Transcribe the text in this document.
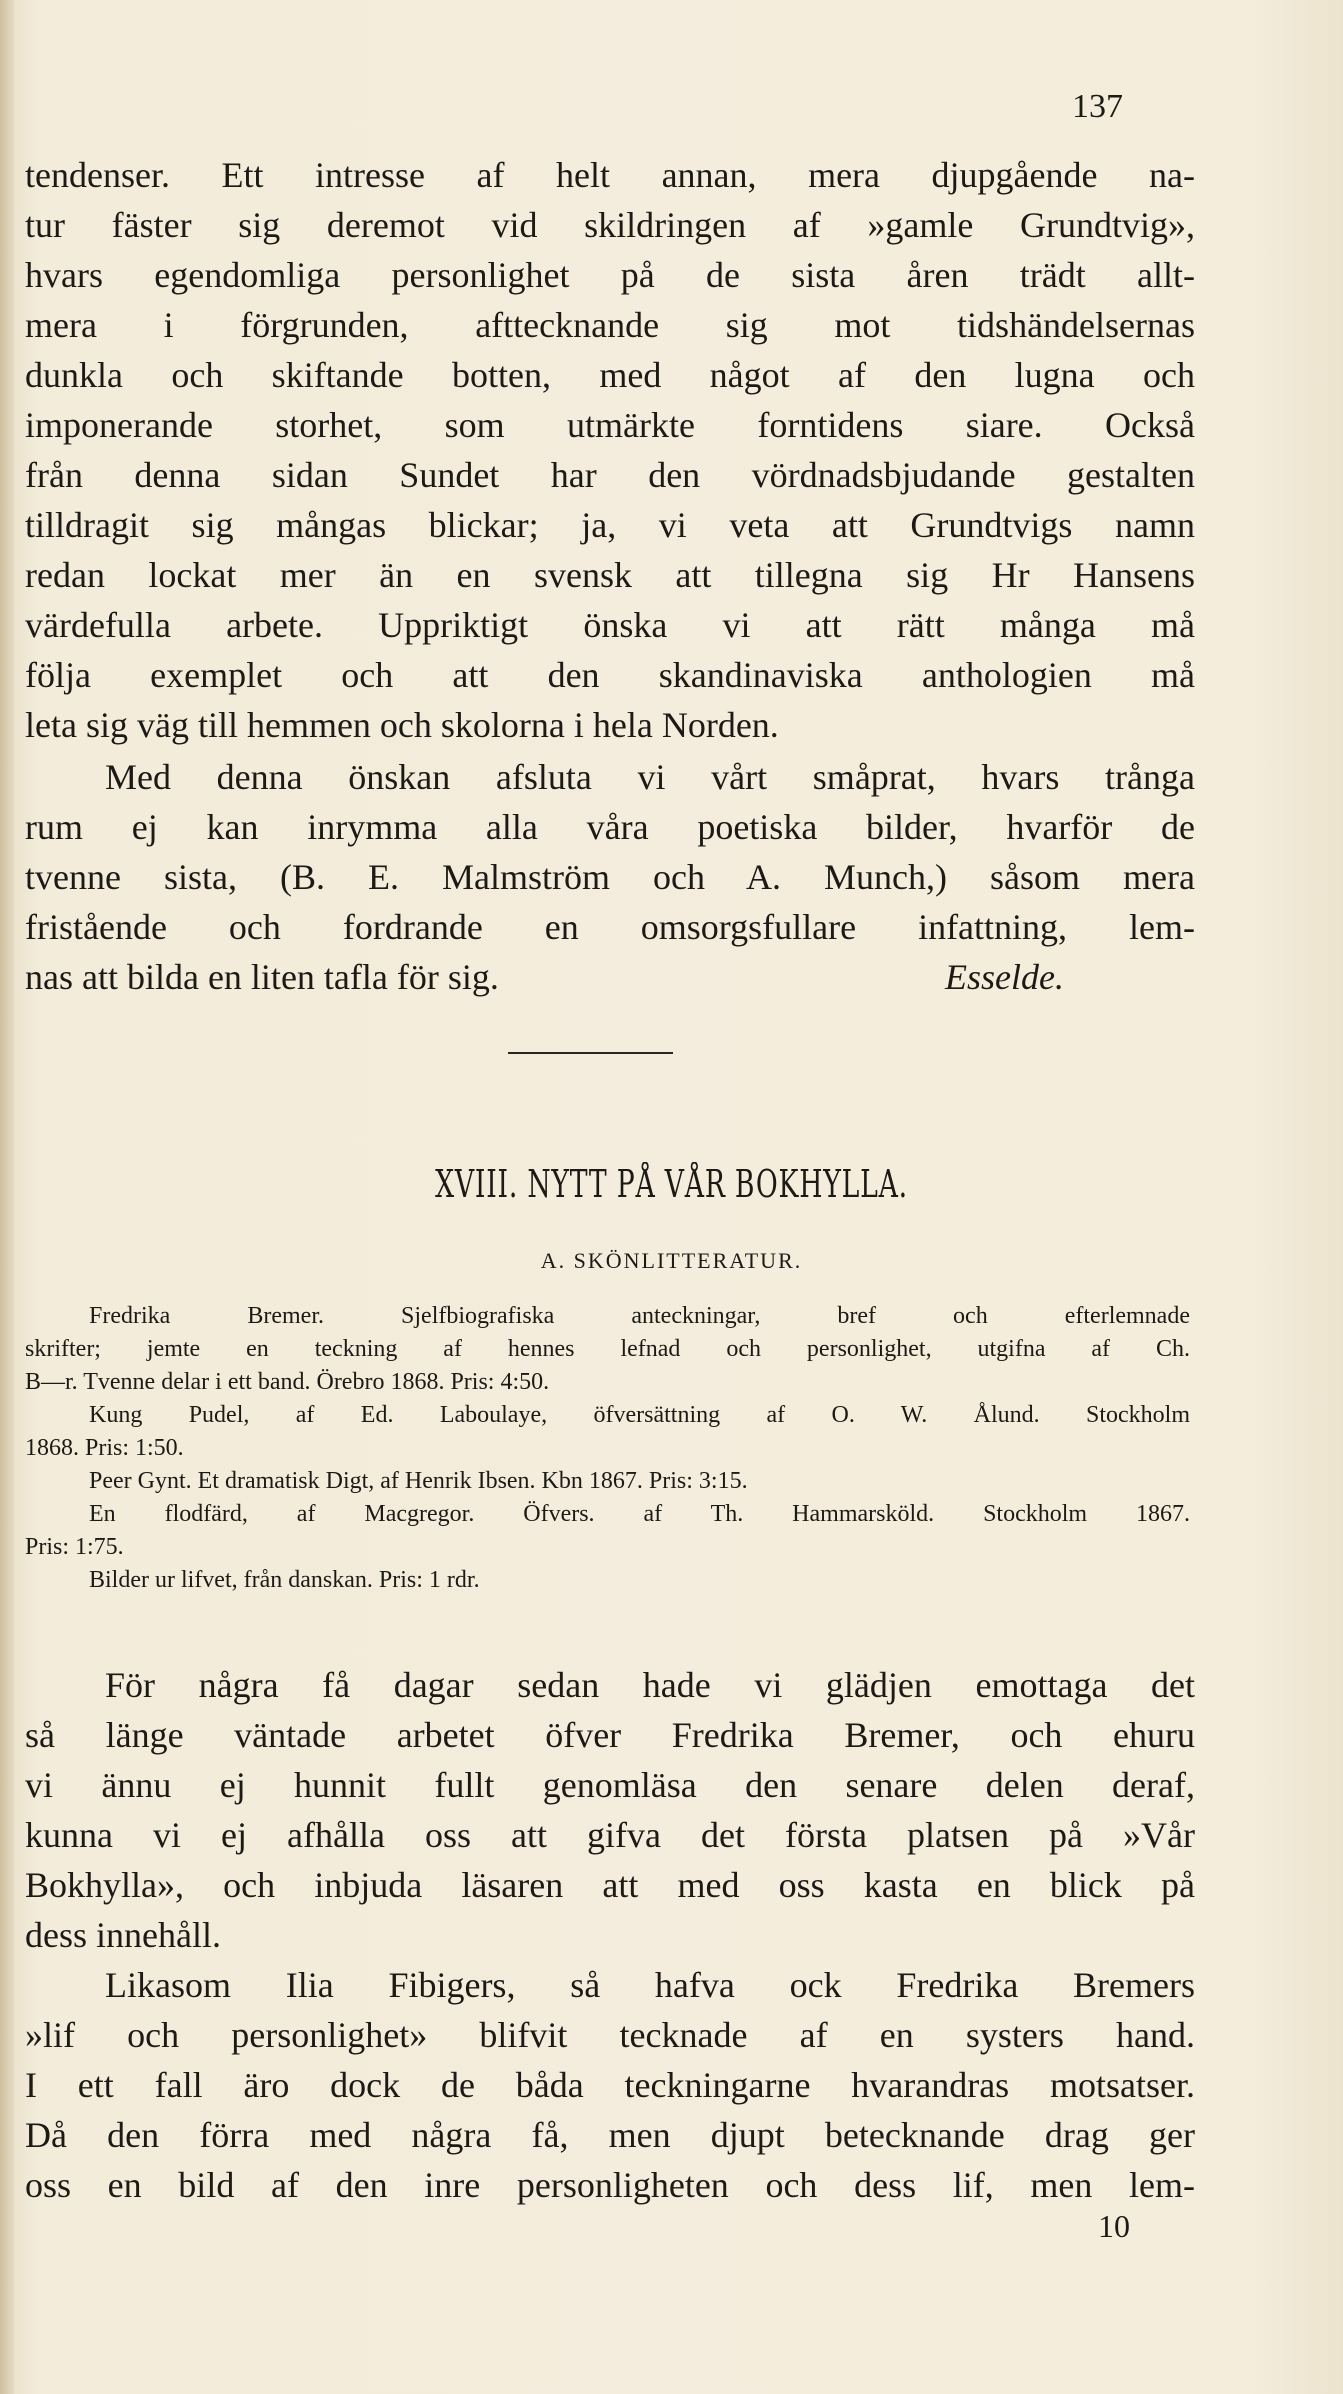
137
tendenser. Ett intresse af helt annan, mera djupgående na-
tur fäster sig deremot vid skildringen af »gamle Grundtvig»,
hvars egendomliga personlighet på de sista åren trädt allt-
mera i förgrunden, afttecknande sig mot tidshändelsernas
dunkla och skiftande botten, med något af den lugna och
imponerande storhet, som utmärkte forntidens siare. Också
från denna sidan Sundet har den vördnadsbjudande gestalten
tilldragit sig mångas blickar; ja, vi veta att Grundtvigs namn
redan lockat mer än en svensk att tillegna sig Hr Hansens
värdefulla arbete. Uppriktigt önska vi att rätt många må
följa exemplet och att den skandinaviska anthologien må
leta sig väg till hemmen och skolorna i hela Norden.
Med denna önskan afsluta vi vårt småprat, hvars trånga
rum ej kan inrymma alla våra poetiska bilder, hvarför de
tvenne sista, (B. E. Malmström och A. Munch,) såsom mera
fristående och fordrande en omsorgsfullare infattning, lem-
nas att bilda en liten tafla för sig.	Esselde.
XVIII. NYTT PÅ VÅR BOKHYLLA.
A. SKÖNLITTERATUR.
Fredrika Bremer. Sjelfbiografiska anteckningar, bref och efterlemnade
skrifter; jemte en teckning af hennes lefnad och personlighet, utgifna af Ch.
B—r. Tvenne delar i ett band. Örebro 1868. Pris: 4:50.
Kung Pudel, af Ed. Laboulaye, öfversättning af O. W. Ålund. Stockholm
1868. Pris: 1:50.
Peer Gynt. Et dramatisk Digt, af Henrik Ibsen. Kbn 1867. Pris: 3:15.
En flodfärd, af Macgregor. Öfvers. af Th. Hammarsköld. Stockholm 1867.
Pris: 1:75.
Bilder ur lifvet, från danskan. Pris: 1 rdr.
För några få dagar sedan hade vi glädjen emottaga det
så länge väntade arbetet öfver Fredrika Bremer, och ehuru
vi ännu ej hunnit fullt genomläsa den senare delen deraf,
kunna vi ej afhålla oss att gifva det första platsen på »Vår
Bokhylla», och inbjuda läsaren att med oss kasta en blick på
dess innehåll.
Likasom Ilia Fibigers, så hafva ock Fredrika Bremers
»lif och personlighet» blifvit tecknade af en systers hand.
I ett fall äro dock de båda teckningarne hvarandras motsatser.
Då den förra med några få, men djupt betecknande drag ger
oss en bild af den inre personligheten och dess lif, men lem-
10
